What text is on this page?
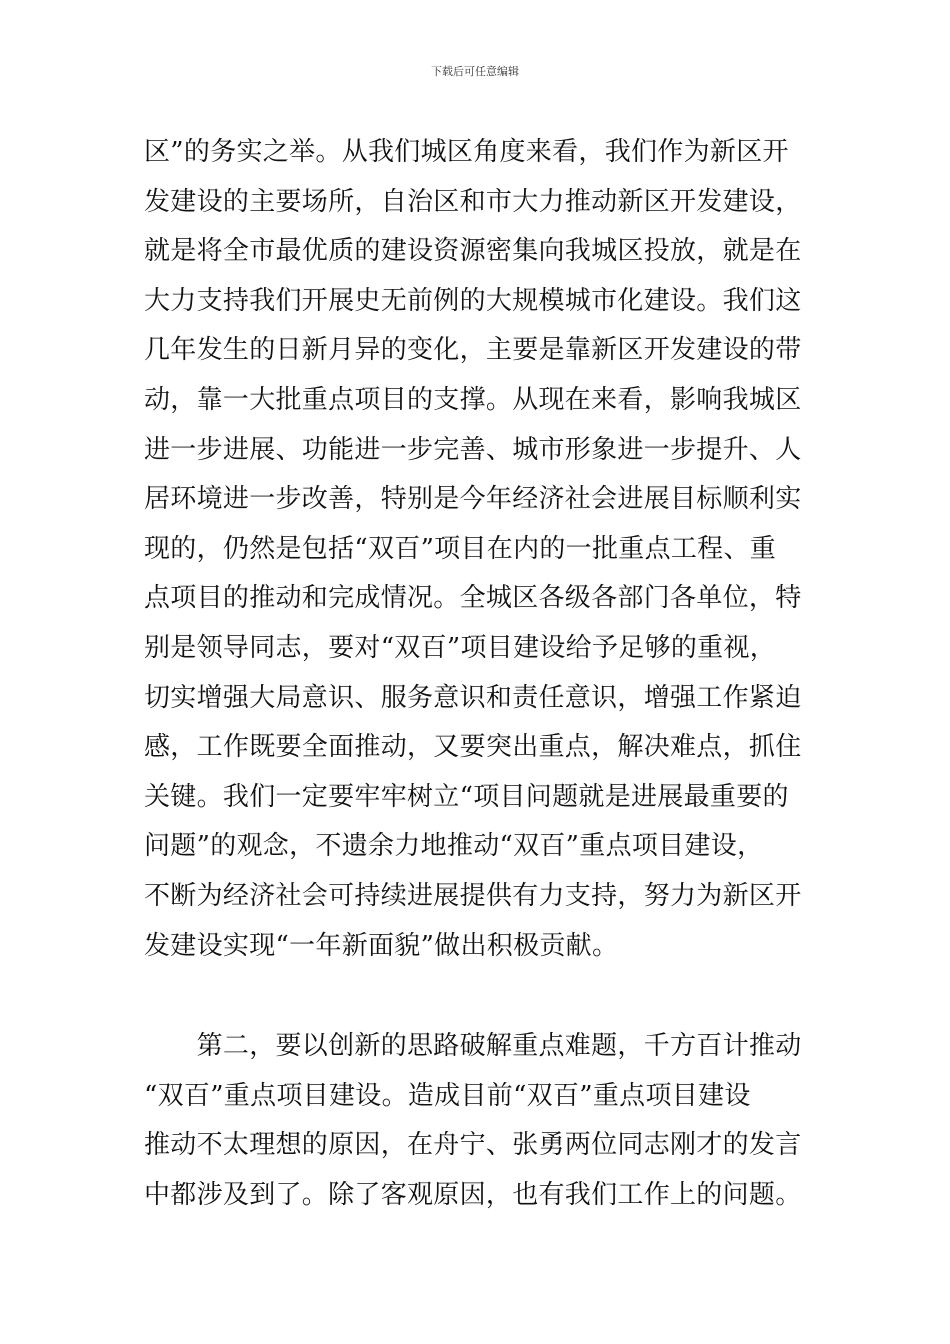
下载后可任意编辑
区”的务实之举。从我们城区角度来看，我们作为新区开
发建设的主要场所，自治区和市大力推动新区开发建设，
就是将全市最优质的建设资源密集向我城区投放，就是在
大力支持我们开展史无前例的大规模城市化建设。我们这
几年发生的日新月异的变化，主要是靠新区开发建设的带
动，靠一大批重点项目的支撑。从现在来看，影响我城区
进一步进展、功能进一步完善、城市形象进一步提升、人
居环境进一步改善，特别是今年经济社会进展目标顺利实
现的，仍然是包括“双百”项目在内的一批重点工程、重
点项目的推动和完成情况。全城区各级各部门各单位，特
别是领导同志，要对“双百”项目建设给予足够的重视，
切实增强大局意识、服务意识和责任意识，增强工作紧迫
感，工作既要全面推动，又要突出重点，解决难点，抓住
关键。我们一定要牢牢树立“项目问题就是进展最重要的
问题”的观念，不遗余力地推动“双百”重点项目建设，
不断为经济社会可持续进展提供有力支持，努力为新区开
发建设实现“一年新面貌”做出积极贡献。
　　第二，要以创新的思路破解重点难题，千方百计推动
“双百”重点项目建设。造成目前“双百”重点项目建设
推动不太理想的原因，在舟宁、张勇两位同志刚才的发言
中都涉及到了。除了客观原因，也有我们工作上的问题。
